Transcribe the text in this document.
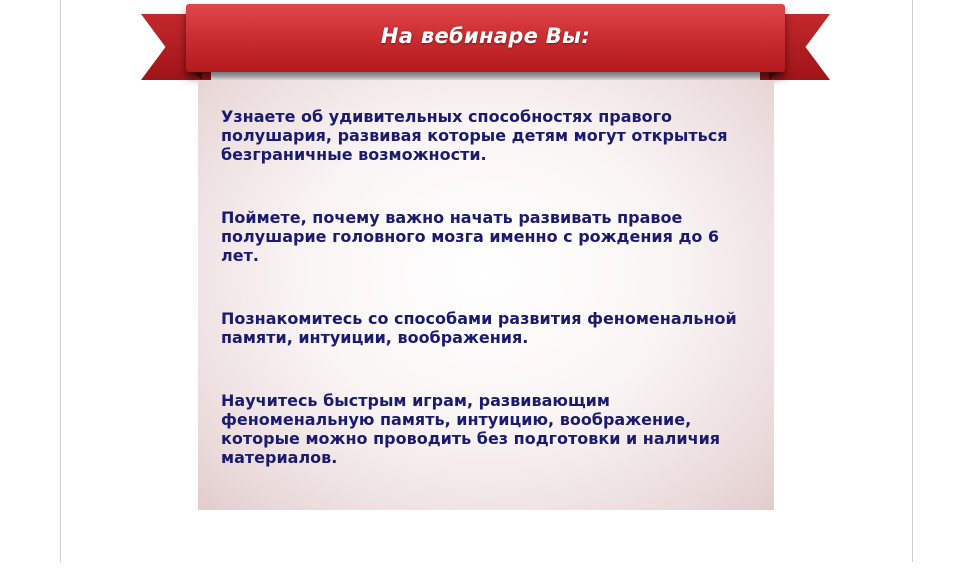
На вебинаре Вы:
Узнаете об удивительных способностях правого полушария, развивая которые детям могут открыться безграничные возможности.
Поймете, почему важно начать развивать правое полушарие головного мозга именно с рождения до 6 лет.
Познакомитесь со способами развития феноменальной памяти, интуиции, воображения.
Научитесь быстрым играм, развивающим феноменальную память, интуицию, воображение, которые можно проводить без подготовки и наличия материалов.
